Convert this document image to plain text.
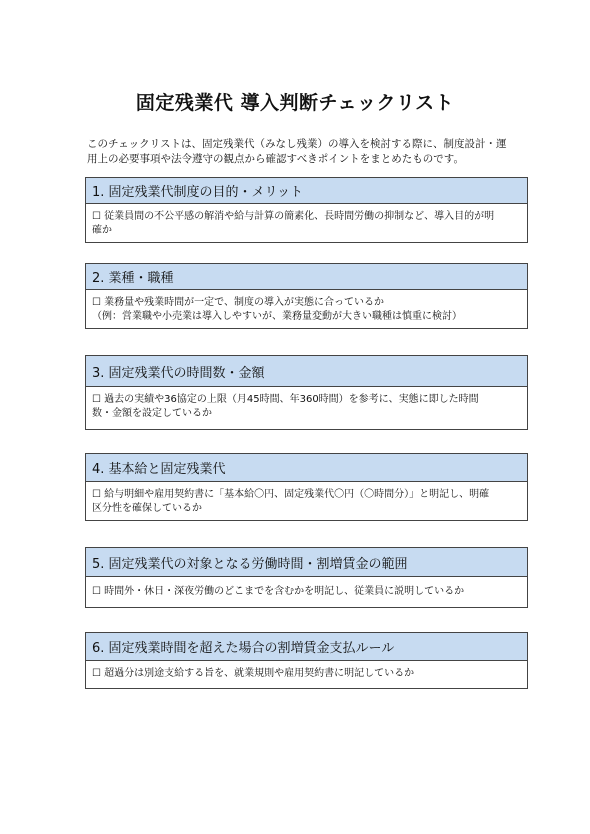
固定残業代 導入判断チェックリスト
このチェックリストは、固定残業代（みなし残業）の導入を検討する際に、制度設計・運
用上の必要事項や法令遵守の観点から確認すべきポイントをまとめたものです。
1. 固定残業代制度の目的・メリット
☐ 従業員間の不公平感の解消や給与計算の簡素化、長時間労働の抑制など、導入目的が明
確か
2. 業種・職種
☐ 業務量や残業時間が一定で、制度の導入が実態に合っているか
（例：営業職や小売業は導入しやすいが、業務量変動が大きい職種は慎重に検討）
3. 固定残業代の時間数・金額
☐ 過去の実績や36協定の上限（月45時間、年360時間）を参考に、実態に即した時間
数・金額を設定しているか
4. 基本給と固定残業代
☐ 給与明細や雇用契約書に「基本給〇円、固定残業代〇円（〇時間分）」と明記し、明確
区分性を確保しているか
5. 固定残業代の対象となる労働時間・割増賃金の範囲
☐ 時間外・休日・深夜労働のどこまでを含むかを明記し、従業員に説明しているか
6. 固定残業時間を超えた場合の割増賃金支払ルール
☐ 超過分は別途支給する旨を、就業規則や雇用契約書に明記しているか
